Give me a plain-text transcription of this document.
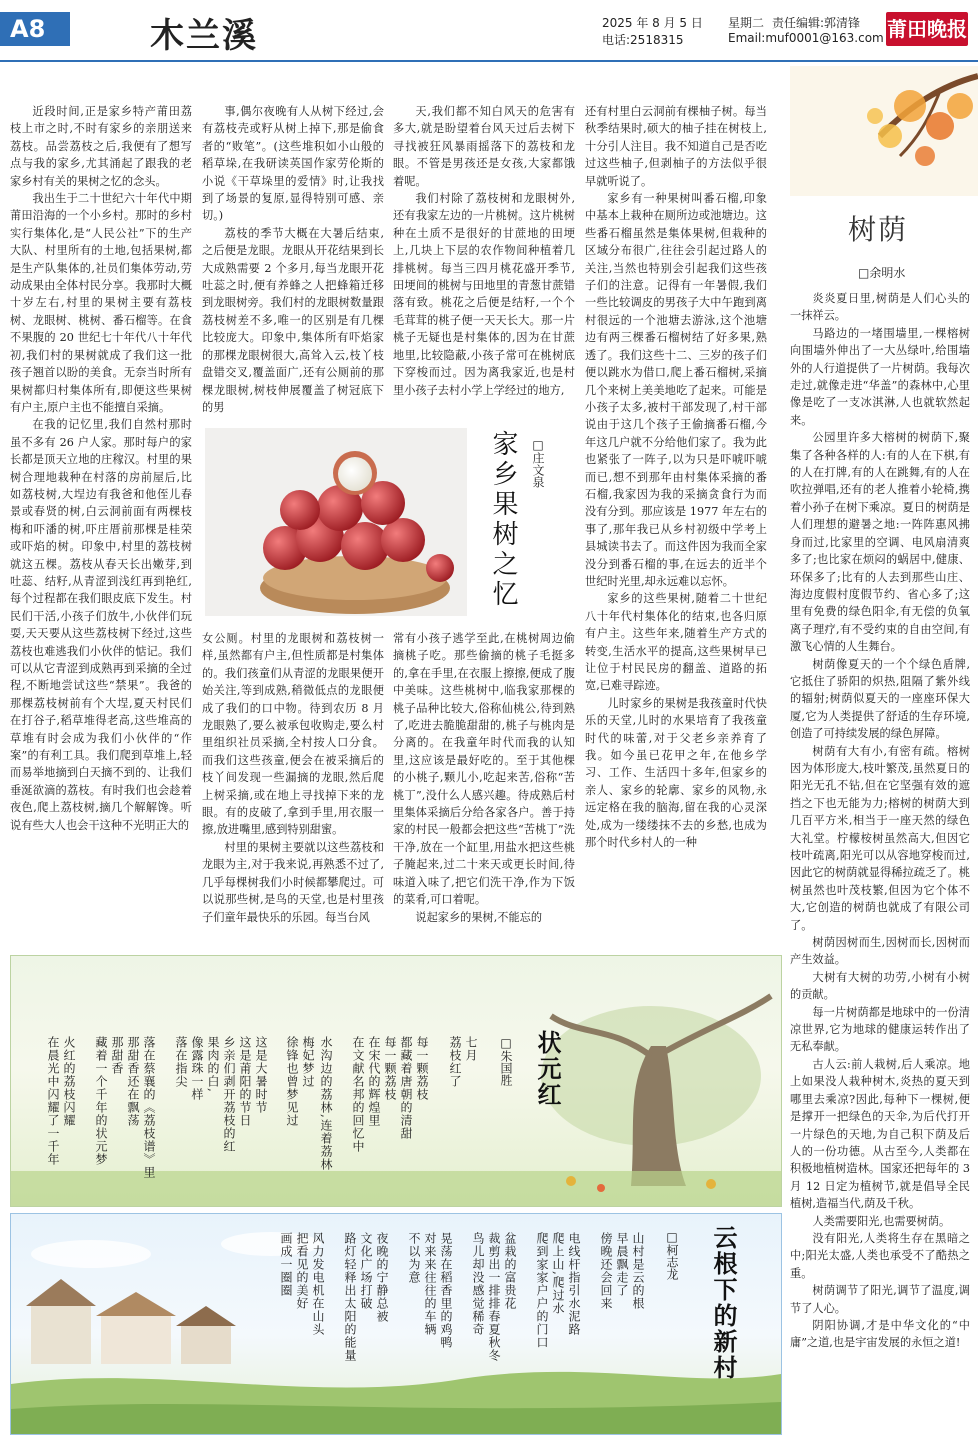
A8	木兰溪	2025 年 8 月 5 日 星期二 责任编辑:郭清锋
电话:2518315	Email:muf0001@163.com 莆田晚报

近段时间,正是家乡特产莆田荔枝上市之时,不时有家乡的亲朋送来荔枝。品尝荔枝之后,我便有了想写点与我的家乡,尤其涌起了跟我的老家乡村有关的果树之忆的念头。

我出生于二十世纪六十年代中期莆田沿海的一个小乡村。那时的乡村实行集体化,是“人民公社”下的生产大队、村里所有的土地,包括果树,都是生产队集体的,社员们集体劳动,劳动成果由全体村民分享。我那时大概十岁左右,村里的果树主要有荔枝树、龙眼树、桃树、番石榴等。在食不果腹的 20 世纪七十年代八十年代初,我们村的果树就成了我们这一批孩子翘首以盼的美食。无奈当时所有果树都归村集体所有,即便这些果树有户主,原户主也不能擅自采摘。

在我的记忆里,我们自然村那时虽不多有 26 户人家。那时每户的家长都是顶天立地的庄稼汉。村里的果树合理地栽种在村落的房前屋后,比如荔枝树,大埕边有我爸和他侄儿春景或春贤的树,白云洞前面有两棵枝梅和吓潘的树,吓庄厝前那棵是桂荣或吓焰的树。印象中,村里的荔枝树就这五棵。荔枝从春天长出嫩芽,到吐蕊、结籽,从青涩到浅红再到艳红,每个过程都在我们眼皮底下发生。村民们干活,小孩子们放牛,小伙伴们玩耍,天天要从这些荔枝树下经过,这些荔枝也难逃我们小伙伴的惦记。我们可以从它青涩到成熟再到采摘的全过程,不断地尝试这些“禁果”。我爸的那棵荔枝树前有个大埕,夏天村民们在打谷子,稻草堆得老高,这些堆高的草堆有时会成为我们小伙伴的“作案”的有利工具。我们爬到草堆上,轻而易举地摘到白天摘不到的、让我们垂涎欲滴的荔枝。有时我们也会趁着夜色,爬上荔枝树,摘几个解解馋。听说有些大人也会干这种不光明正大的

事,偶尔夜晚有人从树下经过,会有荔枝壳或籽从树上掉下,那是偷食者的“败笔”。(这些堆积如小山般的稻草垛,在我研读英国作家劳伦斯的小说《干草垛里的爱情》时,让我找到了场景的复原,显得特别可感、亲切。)

荔枝的季节大概在大暑后结束,之后便是龙眼。龙眼从开花结果到长大成熟需要 2 个多月,每当龙眼开花吐蕊之时,便有养蜂之人把蜂箱迁移到龙眼树旁。我们村的龙眼树数量跟荔枝树差不多,唯一的区别是有几棵比较庞大。印象中,集体所有吓焰家的那棵龙眼树很大,高耸入云,枝丫枝盘错交叉,覆盖面广,还有公厕前的那棵龙眼树,树枝伸展覆盖了树冠底下的男

天,我们都不知白风天的危害有多大,就是盼望着台风天过后去树下寻找被狂风暴雨摇落下的荔枝和龙眼。不管是男孩还是女孩,大家都饿着呢。

我们村除了荔枝树和龙眼树外,还有我家左边的一片桃树。这片桃树种在土质不是很好的甘蔗地的田埂上,几块上下层的农作物间种植着几排桃树。每当三四月桃花盛开季节,田埂间的桃树与田地里的青葱甘蔗错落有致。桃花之后便是结籽,一个个毛茸茸的桃子便一天天长大。那一片桃子无疑也是村集体的,因为在甘蔗地里,比较隐蔽,小孩子常可在桃树底下穿梭而过。因为离我家近,也是村里小孩子去村小学上学经过的地方,

家乡果树之忆	□庄文泉

女公厕。村里的龙眼树和荔枝树一样,虽然都有户主,但性质都是村集体的。我们孩童们从青涩的龙眼果便开始关注,等到成熟,稍微低点的龙眼便成了我们的口中物。待到农历 8 月龙眼熟了,要么被承包收购走,要么村里组织社员采摘,全村按人口分食。而我们这些孩童,便会在被采摘后的枝丫间发现一些漏摘的龙眼,然后爬上树采摘,或在地上寻找掉下来的龙眼。有的皮破了,拿到手里,用衣服一擦,放进嘴里,感到特别甜蜜。

村里的果树主要就以这些荔枝和龙眼为主,对于我来说,再熟悉不过了,几乎每棵树我们小时候都攀爬过。可以说那些树,是鸟的天堂,也是村里孩子们童年最快乐的乐园。每当台风

常有小孩子逃学至此,在桃树周边偷摘桃子吃。那些偷摘的桃子毛挺多的,拿在手里,在衣服上擦擦,便成了腹中美味。这些桃树中,临我家那棵的桃子品种比较大,俗称仙桃公,待到熟了,吃进去脆脆甜甜的,桃子与桃肉是分离的。在我童年时代而我的认知里,这应该是最好吃的。至于其他棵的小桃子,颗儿小,吃起来苦,俗称“苦桃丁”,没什么人感兴趣。待成熟后村里集体采摘后分给各家各户。善于持家的村民一般都会把这些“苦桃丁”洗干净,放在一个缸里,用盐水把这些桃子腌起来,过二十来天或更长时间,待味道入味了,把它们洗干净,作为下饭的菜肴,可口着呢。

说起家乡的果树,不能忘的

还有村里白云洞前有棵柚子树。每当秋季结果时,硕大的柚子挂在树枝上,十分引人注目。我不知道自己是否吃过这些柚子,但剥柚子的方法似乎很早就听说了。

家乡有一种果树叫番石榴,印象中基本上栽种在厕所边或池塘边。这些番石榴虽然是集体果树,但栽种的区域分布很广,往往会引起过路人的关注,当然也特别会引起我们这些孩子们的注意。记得有一年暑假,我们一些比较调皮的男孩子大中午跑到离村很远的一个池塘去游泳,这个池塘边有两三棵番石榴树结了好多果,熟透了。我们这些十二、三岁的孩子们便以跳水为借口,爬上番石榴树,采摘几个来树上美美地吃了起来。可能是小孩子太多,被村干部发现了,村干部说由于这几个孩子王偷摘番石榴,今年这几户就不分给他们家了。我为此也紧张了一阵子,以为只是吓唬吓唬而已,想不到那年由村集体采摘的番石榴,我家因为我的采摘贪食行为而没有分到。那应该是 1977 年左右的事了,那年我已从乡村初级中学考上县城读书去了。而这件因为我而全家没分到番石榴的事,在远去的近半个世纪时光里,却永远难以忘怀。

家乡的这些果树,随着二十世纪八十年代村集体化的结束,也各归原有户主。这些年来,随着生产方式的转变,生活水平的提高,这些果树早已让位于村民民房的翻盖、道路的拓宽,已难寻踪迹。

儿时家乡的果树是我孩童时代快乐的天堂,儿时的水果培育了我孩童时代的味蕾,对于父老乡亲养育了我。如今虽已花甲之年,在他乡学习、工作、生活四十多年,但家乡的亲人、家乡的轮廓、家乡的风物,永远定格在我的脑海,留在我的心灵深处,成为一缕缕抹不去的乡愁,也成为那个时代乡村人的一种

树荫
□余明水

炎炎夏日里,树荫是人们心头的一抹祥云。

马路边的一堵围墙里,一棵榕树向围墙外伸出了一大丛绿叶,给围墙外的人行道提供了一片树荫。我每次走过,就像走进“华盖”的森林中,心里像是吃了一支冰淇淋,人也就软然起来。

公园里许多大榕树的树荫下,聚集了各种各样的人:有的人在下棋,有的人在打牌,有的人在跳舞,有的人在吹拉弹唱,还有的老人推着小轮椅,携着小孙子在树下乘凉。夏日的树荫是人们理想的避暑之地:一阵阵惠风拂身而过,比家里的空调、电风扇清爽多了;也比家在烦闷的蜗居中,健康、环保多了;比有的人去到那些山庄、海边度假村度假节约、省心多了;这里有免费的绿色阳伞,有无偿的负氧离子理疗,有不受约束的自由空间,有激飞心情的人生舞台。

树荫像夏天的一个个绿色盾牌,它抵住了骄阳的炽热,阻隔了紫外线的辐射;树荫似夏天的一座座环保大厦,它为人类提供了舒适的生存环境,创造了可持续发展的绿色屏障。

树荫有大有小,有密有疏。榕树因为体形庞大,枝叶繁茂,虽然夏日的阳光无孔不钻,但在它坚强有效的遮挡之下也无能为力;榕树的树荫大到几百平方米,相当于一座天然的绿色大礼堂。柠檬桉树虽然高大,但因它枝叶疏离,阳光可以从容地穿梭而过,因此它的树荫就显得稀拉疏乏了。桃树虽然也叶茂枝繁,但因为它个体不大,它创造的树荫也就成了有限公司了。

树荫因树而生,因树而长,因树而产生效益。

大树有大树的功劳,小树有小树的贡献。

每一片树荫都是地球中的一份清凉世界,它为地球的健康运转作出了无私奉献。

古人云:前人栽树,后人乘凉。地上如果没人栽种树木,炎热的夏天到哪里去乘凉?因此,每种下一棵树,便是撑开一把绿色的天伞,为后代打开一片绿色的天地,为自己积下荫及后人的一份功德。从古至今,人类都在积极地植树造林。国家还把每年的 3 月 12 日定为植树节,就是倡导全民植树,造福当代,荫及千秋。

人类需要阳光,也需要树荫。

没有阳光,人类将生存在黑暗之中;阳光太盛,人类也承受不了酷热之重。

树荫调节了阳光,调节了温度,调节了人心。

阴阳协调,才是中华文化的“中庸”之道,也是宇宙发展的永恒之道!

状元红
□朱国胜
七月
荔枝红了
每一颗荔枝
都藏着唐朝的清甜
每一颗荔枝
在宋代的辉煌里
在文献名邦的回忆中
水沟边的荔林,连着荔林
梅妃梦过
徐锋也曾梦见过
这是大暑时节
这是莆阳的节日
乡亲们剥开荔枝的红
果肉的白,
像露珠一样
落在指尖
落在蔡襄的《荔枝谱》里
那甜香还在飘荡
那甜香
藏着一个千年的状元梦
火红的荔枝闪耀
在晨光中闪耀了一千年
云根下的新村
□柯志龙
山村是云的根
早晨飘走了
傍晚还会回来
电线杆指引水泥路
爬上山,爬过水
爬到家家户户的门口
盆栽的富贵花
裁剪出一排排春夏秋冬
鸟儿却没感觉稀奇
晃荡在稻香里的鸡鸭
对来来往往的车辆
不以为意
夜晚的宁静总被
文化广场打破
路灯轻释出太阳的能量
风力发电机在山头
把看见的美好
画成一圈圈
